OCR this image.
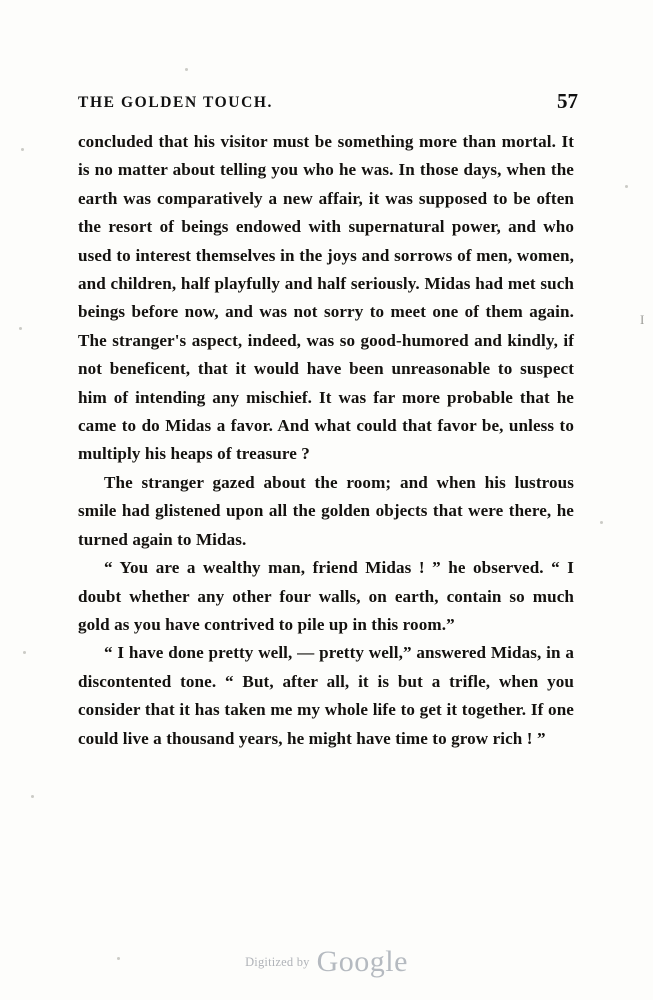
I
THE GOLDEN TOUCH.	57

concluded that his visitor must be something more than mortal. It is no matter about telling you who he was. In those days, when the earth was comparatively a new affair, it was supposed to be often the resort of beings endowed with supernatural power, and who used to interest themselves in the joys and sorrows of men, women, and children, half playfully and half seriously. Midas had met such beings before now, and was not sorry to meet one of them again. The stranger's aspect, indeed, was so good-humored and kindly, if not beneficent, that it would have been unreasonable to suspect him of intending any mischief. It was far more probable that he came to do Midas a favor. And what could that favor be, unless to multiply his heaps of treasure ?

The stranger gazed about the room; and when his lustrous smile had glistened upon all the golden objects that were there, he turned again to Midas.

“ You are a wealthy man, friend Midas ! ” he observed. “ I doubt whether any other four walls, on earth, contain so much gold as you have contrived to pile up in this room.”

“ I have done pretty well, — pretty well,” answered Midas, in a discontented tone. “ But, after all, it is but a trifle, when you consider that it has taken me my whole life to get it together. If one could live a thousand years, he might have time to grow rich ! ”

Digitized by Google
